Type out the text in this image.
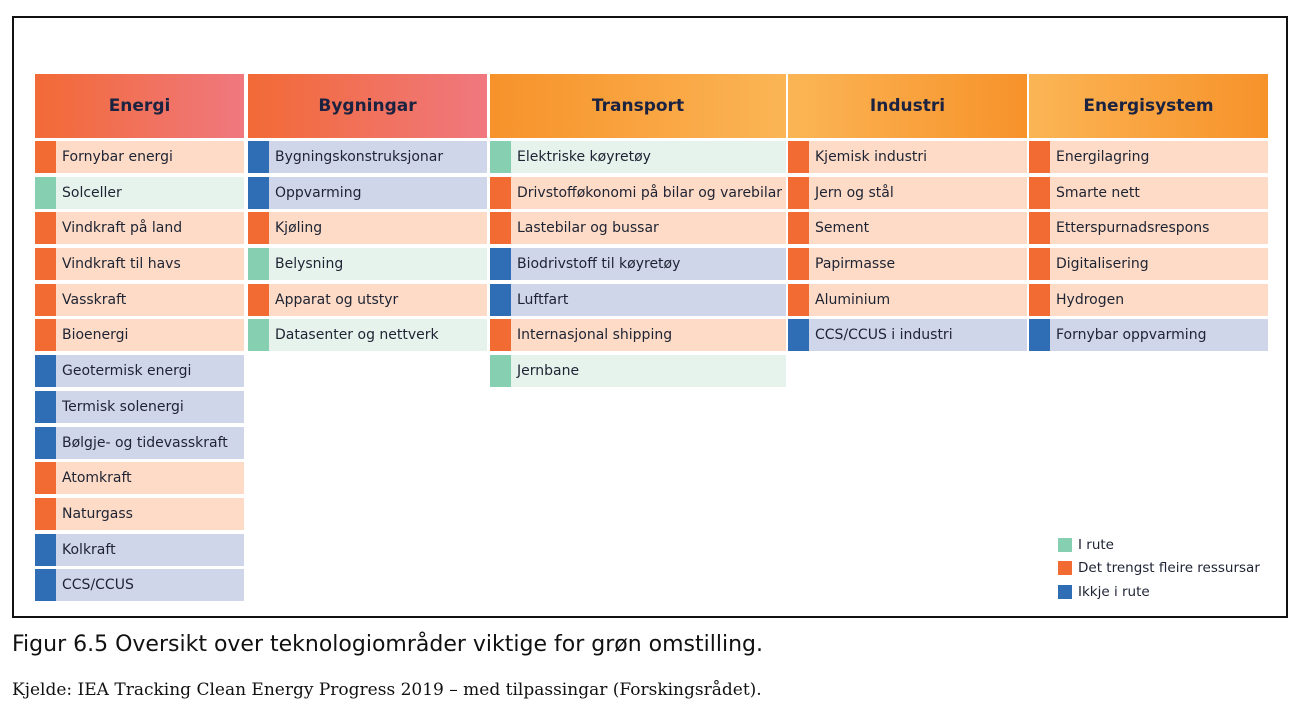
Energi
Fornybar energi
Solceller
Vindkraft på land
Vindkraft til havs
Vasskraft
Bioenergi
Geotermisk energi
Termisk solenergi
Bølgje- og tidevasskraft
Atomkraft
Naturgass
Kolkraft
CCS/CCUS
Bygningar
Bygningskonstruksjonar
Oppvarming
Kjøling
Belysning
Apparat og utstyr
Datasenter og nettverk
Transport
Elektriske køyretøy
Drivstofføkonomi på bilar og varebilar
Lastebilar og bussar
Biodrivstoff til køyretøy
Luftfart
Internasjonal shipping
Jernbane
Industri
Kjemisk industri
Jern og stål
Sement
Papirmasse
Aluminium
CCS/CCUS i industri
Energisystem
Energilagring
Smarte nett
Etterspurnadsrespons
Digitalisering
Hydrogen
Fornybar oppvarming
I rute
Det trengst fleire ressursar
Ikkje i rute
Figur 6.5 Oversikt over teknologiområder viktige for grøn omstilling.
Kjelde: IEA Tracking Clean Energy Progress 2019 – med tilpassingar (Forskingsrådet).
